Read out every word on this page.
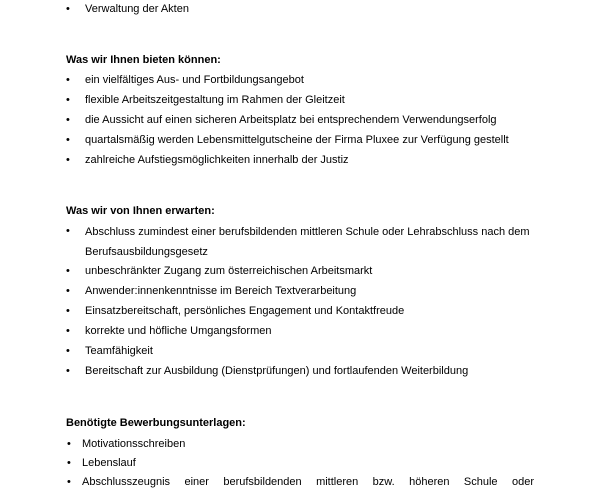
• Verwaltung der Akten
Was wir Ihnen bieten können:
• ein vielfältiges Aus- und Fortbildungsangebot
• flexible Arbeitszeitgestaltung im Rahmen der Gleitzeit
• die Aussicht auf einen sicheren Arbeitsplatz bei entsprechendem Verwendungserfolg
• quartalsmäßig werden Lebensmittelgutscheine der Firma Pluxee zur Verfügung gestellt
• zahlreiche Aufstiegsmöglichkeiten innerhalb der Justiz
Was wir von Ihnen erwarten:
• Abschluss zumindest einer berufsbildenden mittleren Schule oder Lehrabschluss nach dem Berufsausbildungsgesetz
• unbeschränkter Zugang zum österreichischen Arbeitsmarkt
• Anwender:innenkenntnisse im Bereich Textverarbeitung
• Einsatzbereitschaft, persönliches Engagement und Kontaktfreude
• korrekte und höfliche Umgangsformen
• Teamfähigkeit
• Bereitschaft zur Ausbildung (Dienstprüfungen) und fortlaufenden Weiterbildung
Benötigte Bewerbungsunterlagen:
• Motivationsschreiben
• Lebenslauf
• Abschlusszeugnis einer berufsbildenden mittleren bzw. höheren Schule oder
